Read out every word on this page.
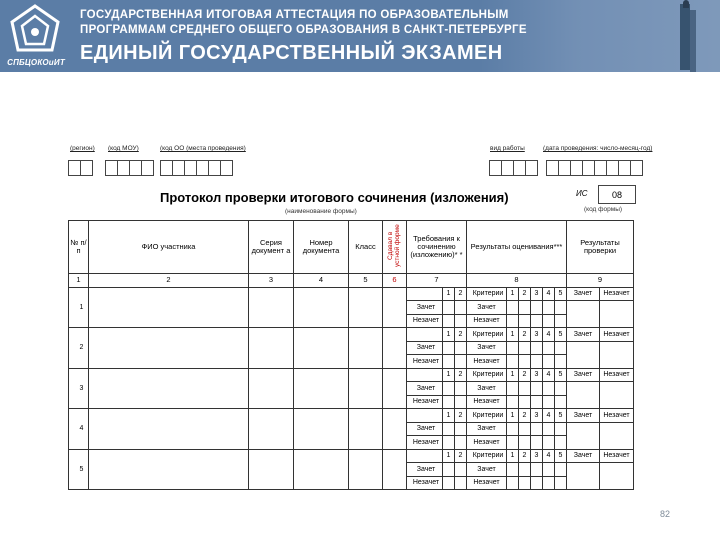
СПБЦОКОиИТ
ГОСУДАРСТВЕННАЯ ИТОГОВАЯ АТТЕСТАЦИЯ ПО ОБРАЗОВАТЕЛЬНЫМ
ПРОГРАММАМ СРЕДНЕГО ОБЩЕГО ОБРАЗОВАНИЯ В САНКТ-ПЕТЕРБУРГЕ
ЕДИНЫЙ ГОСУДАРСТВЕННЫЙ ЭКЗАМЕН
(регион) (код МОУ)	(код ОО (места проведения)	вид работы	(дата проведения: число-месяц-год)
Протокол проверки итогового сочинения (изложения)
(наименование формы)
ИС	08
(код формы)
№ п/п	ФИО участника	Серия документ а	Номер документа	Класс	Сдавал в устной форме	Требования к сочинению (изложению)* *			Результаты оценивания***						Результаты проверки	
1	2	3	4	5	6	7			8						9	
1							1	2	Критерии	1	2	3	4	5	Зачет	Незачет
						Зачет			Зачет							
						Незачет			Незачет							
2							1	2	Критерии	1	2	3	4	5	Зачет	Незачет
						Зачет			Зачет							
						Незачет			Незачет							
3							1	2	Критерии	1	2	3	4	5	Зачет	Незачет
						Зачет			Зачет							
						Незачет			Незачет							
4							1	2	Критерии	1	2	3	4	5	Зачет	Незачет
						Зачет			Зачет							
						Незачет			Незачет							
5							1	2	Критерии	1	2	3	4	5	Зачет	Незачет
						Зачет			Зачет							
						Незачет			Незачет							
82
